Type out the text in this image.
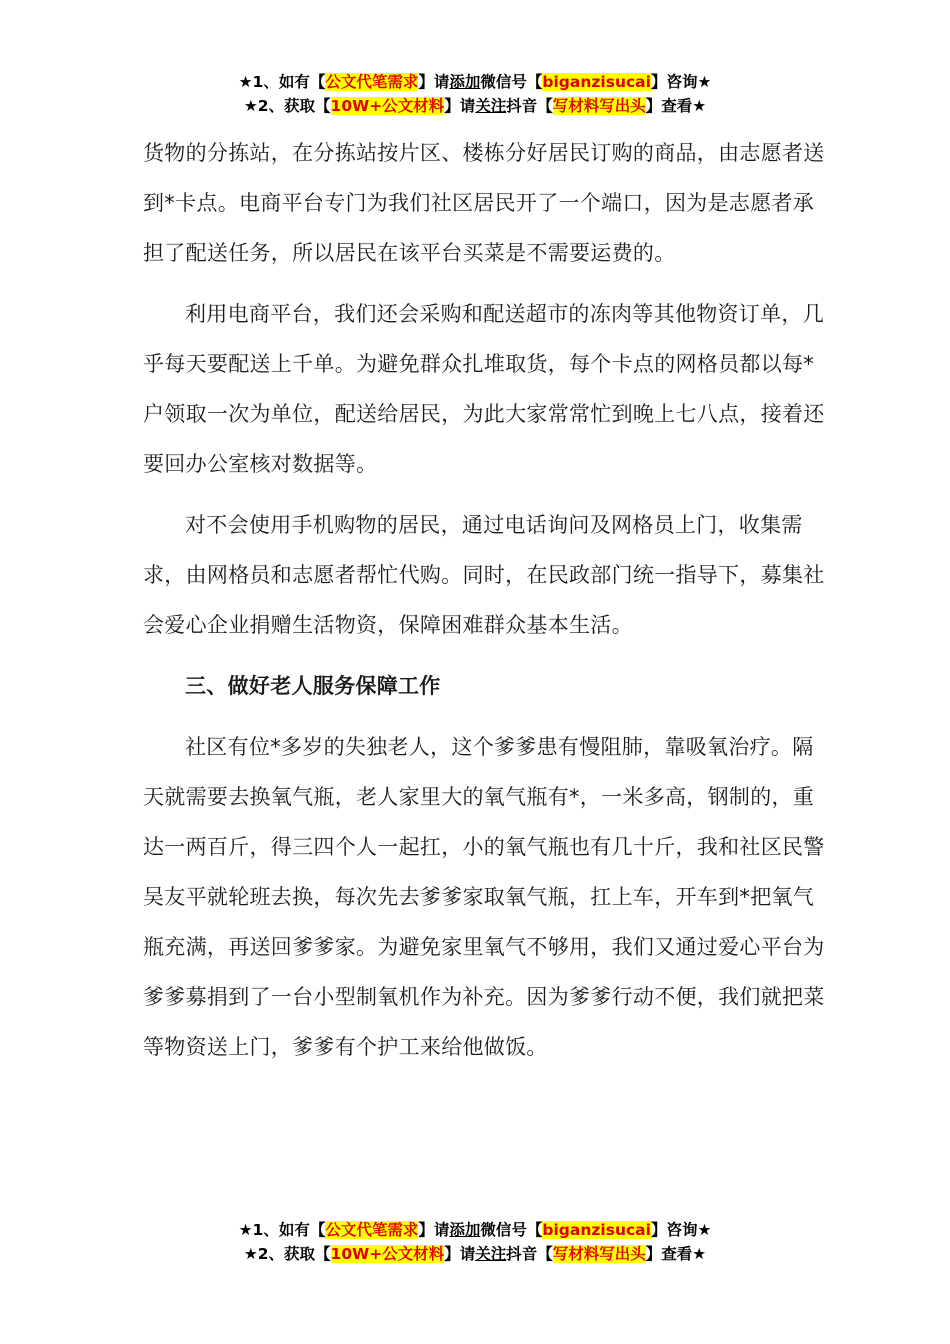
★1、如有【公文代笔需求】请添加微信号【biganzisucai】咨询★
★2、获取【10W+公文材料】请关注抖音【写材料写出头】查看★

货物的分拣站，在分拣站按片区、楼栋分好居民订购的商品，由志愿者送到*卡点。电商平台专门为我们社区居民开了一个端口，因为是志愿者承担了配送任务，所以居民在该平台买菜是不需要运费的。

利用电商平台，我们还会采购和配送超市的冻肉等其他物资订单，几乎每天要配送上千单。为避免群众扎堆取货，每个卡点的网格员都以每*户领取一次为单位，配送给居民，为此大家常常忙到晚上七八点，接着还要回办公室核对数据等。

对不会使用手机购物的居民，通过电话询问及网格员上门，收集需求，由网格员和志愿者帮忙代购。同时，在民政部门统一指导下，募集社会爱心企业捐赠生活物资，保障困难群众基本生活。

三、做好老人服务保障工作

社区有位*多岁的失独老人，这个爹爹患有慢阻肺，靠吸氧治疗。隔天就需要去换氧气瓶，老人家里大的氧气瓶有*，一米多高，钢制的，重达一两百斤，得三四个人一起扛，小的氧气瓶也有几十斤，我和社区民警吴友平就轮班去换，每次先去爹爹家取氧气瓶，扛上车，开车到*把氧气瓶充满，再送回爹爹家。为避免家里氧气不够用，我们又通过爱心平台为爹爹募捐到了一台小型制氧机作为补充。因为爹爹行动不便，我们就把菜等物资送上门，爹爹有个护工来给他做饭。

★1、如有【公文代笔需求】请添加微信号【biganzisucai】咨询★
★2、获取【10W+公文材料】请关注抖音【写材料写出头】查看★
